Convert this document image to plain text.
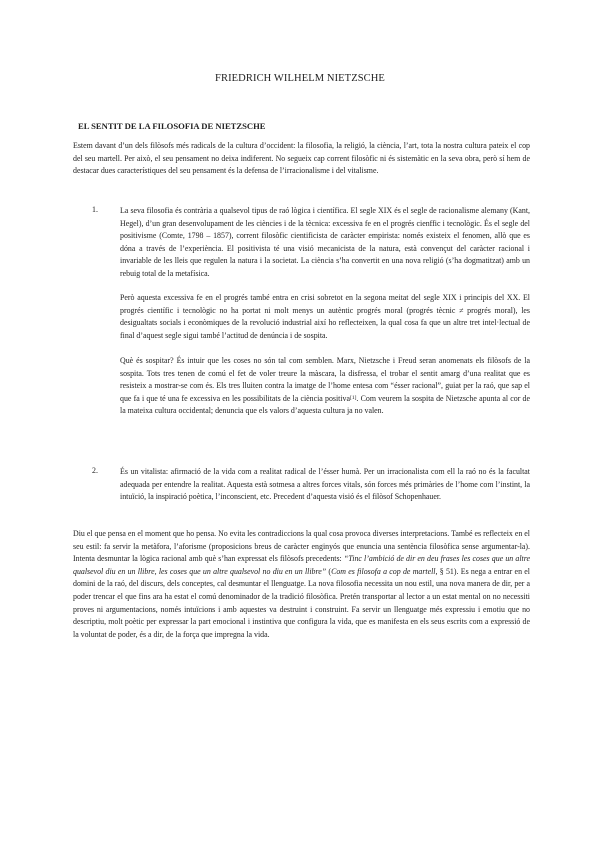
FRIEDRICH WILHELM NIETZSCHE
EL SENTIT DE LA FILOSOFIA DE NIETZSCHE

Estem davant d’un dels filòsofs més radicals de la cultura d’occident: la filosofia, la religió, la ciència, l’art, tota la nostra cultura pateix el cop del seu martell. Per això, el seu pensament no deixa indiferent. No segueix cap corrent filosòfic ni és sistemàtic en la seva obra, però sí hem de destacar dues característiques del seu pensament és la defensa de l’irracionalisme i del vitalisme.

1.	La seva filosofia és contrària a qualsevol tipus de raó lògica i científica. El segle XIX és el segle de racionalisme alemany (Kant, Hegel), d’un gran desenvolupament de les ciències i de la tècnica: excessiva fe en el progrés cienffic i tecnològic. És el segle del positivisme (Comte, 1798 – 1857), corrent filosòfic cientificista de caràcter empirista: només existeix el fenomen, allò que es dóna a través de l’experiència. El positivista té una visió mecanicista de la natura, està convençut del caràcter racional i invariable de les lleis que regulen la natura i la societat. La ciència s’ha convertit en una nova religió (s’ha dogmatitzat) amb un rebuig total de la metafísica.

Però aquesta excessiva fe en el progrés també entra en crisi sobretot en la segona meitat del segle XIX i principis del XX. El progrés científic i tecnològic no ha portat ni molt menys un autèntic progrés moral (progrés tècnic ≠ progrés moral), les desigualtats socials i econòmiques de la revolució industrial així ho reflecteixen, la qual cosa fa que un altre tret intel·lectual de final d’aquest segle sigui també l’actitud de denúncia i de sospita.

Què és sospitar? És intuir que les coses no són tal com semblen. Marx, Nietzsche i Freud seran anomenats els filòsofs de la sospita. Tots tres tenen de comú el fet de voler treure la màscara, la disfressa, el trobar el sentit amarg d’una realitat que es resisteix a mostrar-se com és. Els tres lluiten contra la imatge de l’home entesa com “ésser racional”, guiat per la raó, que sap el que fa i que té una fe excessiva en les possibilitats de la ciència positiva[1]. Com veurem la sospita de Nietzsche apunta al cor de la mateixa cultura occidental; denuncia que els valors d’aquesta cultura ja no valen.

2.	És un vitalista: afirmació de la vida com a realitat radical de l’ésser humà. Per un irracionalista com ell la raó no és la facultat adequada per entendre la realitat. Aquesta està sotmesa a altres forces vitals, són forces més primàries de l’home com l’instint, la intuïció, la inspiració poètica, l’inconscient, etc. Precedent d’aquesta visió és el filòsof Schopenhauer.

Diu el que pensa en el moment que ho pensa. No evita les contradiccions la qual cosa provoca diverses interpretacions. També es reflecteix en el seu estil: fa servir la metàfora, l’aforisme (proposicions breus de caràcter enginyós que enuncia una sentència filosòfica sense argumentar-la). Intenta desmuntar la lògica racional amb què s’han expressat els filòsofs precedents: “Tinc l’ambició de dir en deu frases les coses que un altre qualsevol diu en un llibre, les coses que un altre qualsevol no diu en un llibre” (Com es filosofa a cop de martell, § 51). Es nega a entrar en el domini de la raó, del discurs, dels conceptes, cal desmuntar el llenguatge. La nova filosofia necessita un nou estil, una nova manera de dir, per a poder trencar el que fins ara ha estat el comú denominador de la tradició filosòfica. Pretén transportar al lector a un estat mental on no necessiti proves ni argumentacions, només intuïcions i amb aquestes va destruint i construint. Fa servir un llenguatge més expressiu i emotiu que no descriptiu, molt poètic per expressar la part emocional i instintiva que configura la vida, que es manifesta en els seus escrits com a expressió de la voluntat de poder, és a dir, de la força que impregna la vida.
